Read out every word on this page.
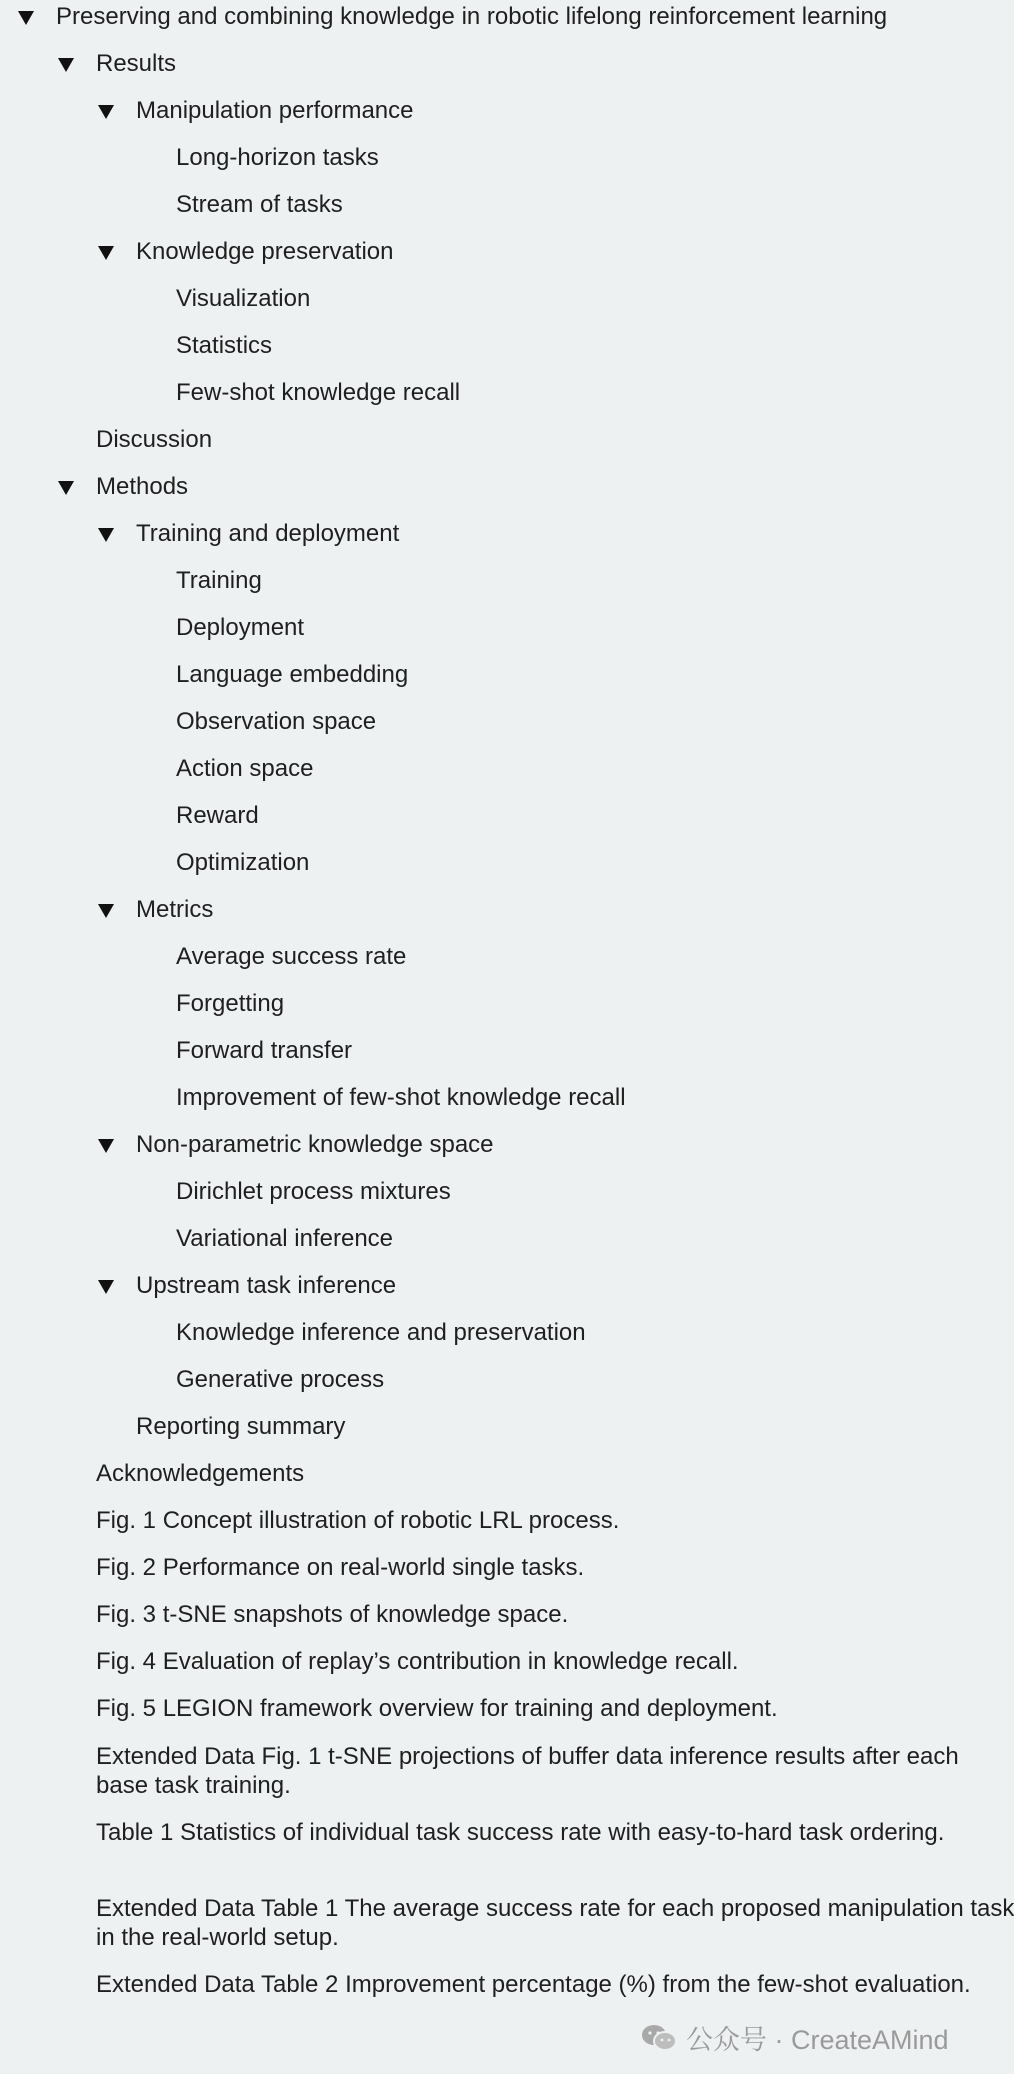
Preserving and combining knowledge in robotic lifelong reinforcement learning
Results
Manipulation performance
Long-horizon tasks
Stream of tasks
Knowledge preservation
Visualization
Statistics
Few-shot knowledge recall
Discussion
Methods
Training and deployment
Training
Deployment
Language embedding
Observation space
Action space
Reward
Optimization
Metrics
Average success rate
Forgetting
Forward transfer
Improvement of few-shot knowledge recall
Non-parametric knowledge space
Dirichlet process mixtures
Variational inference
Upstream task inference
Knowledge inference and preservation
Generative process
Reporting summary
Acknowledgements
Fig. 1 Concept illustration of robotic LRL process.
Fig. 2 Performance on real-world single tasks.
Fig. 3 t-SNE snapshots of knowledge space.
Fig. 4 Evaluation of replay’s contribution in knowledge recall.
Fig. 5 LEGION framework overview for training and deployment.
Extended Data Fig. 1 t-SNE projections of buffer data inference results after each base task training.
Table 1 Statistics of individual task success rate with easy-to-hard task ordering.
Extended Data Table 1 The average success rate for each proposed manipulation task in the real-world setup.
Extended Data Table 2 Improvement percentage (%) from the few-shot evaluation.
公众号 · CreateAMind
